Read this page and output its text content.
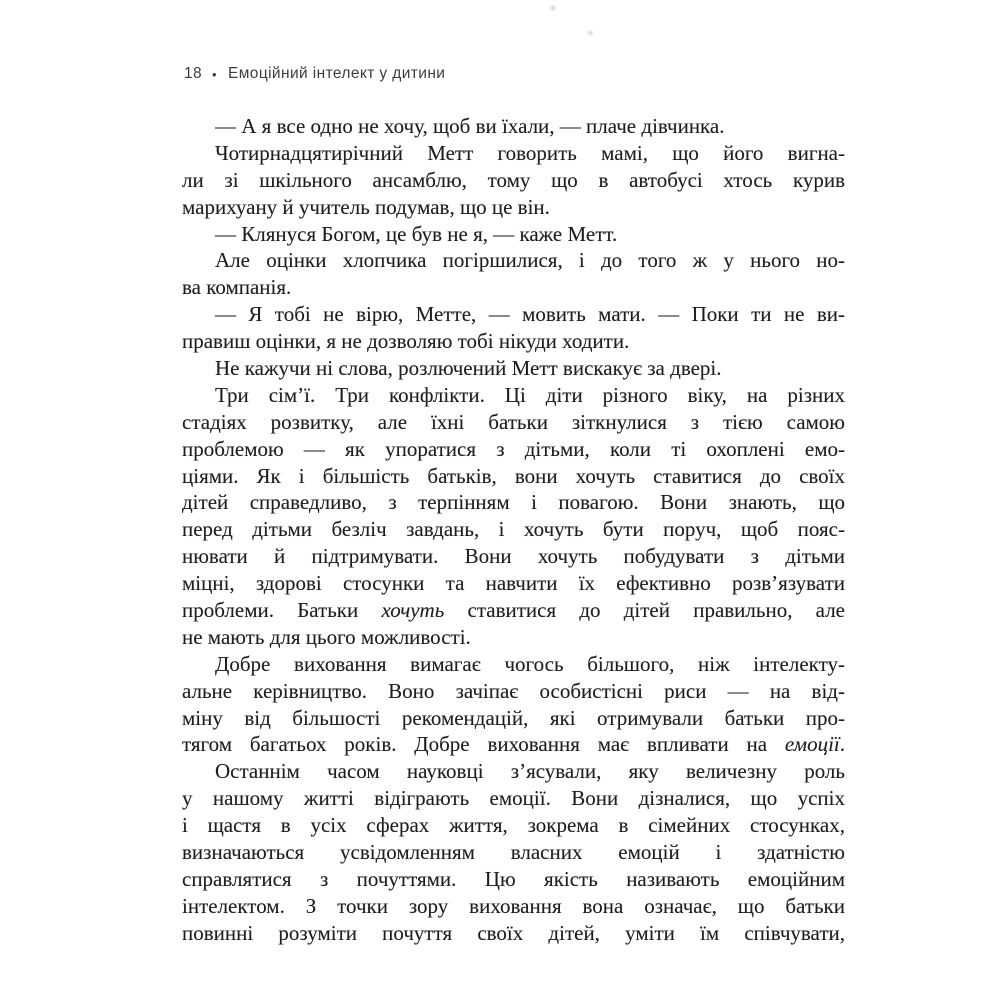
18 • Емоційний інтелект у дитини
— А я все одно не хочу, щоб ви їхали, — плаче дівчинка.
Чотирнадцятирічний Метт говорить мамі, що його вигна-
ли зі шкільного ансамблю, тому що в автобусі хтось курив
марихуану й учитель подумав, що це він.
— Клянуся Богом, це був не я, — каже Метт.
Але оцінки хлопчика погіршилися, і до того ж у нього но-
ва компанія.
— Я тобі не вірю, Метте, — мовить мати. — Поки ти не ви-
правиш оцінки, я не дозволяю тобі нікуди ходити.
Не кажучи ні слова, розлючений Метт вискакує за двері.
Три сім’ї. Три конфлікти. Ці діти різного віку, на різних
стадіях розвитку, але їхні батьки зіткнулися з тією самою
проблемою — як упоратися з дітьми, коли ті охоплені емо-
ціями. Як і більшість батьків, вони хочуть ставитися до своїх
дітей справедливо, з терпінням і повагою. Вони знають, що
перед дітьми безліч завдань, і хочуть бути поруч, щоб пояс-
нювати й підтримувати. Вони хочуть побудувати з дітьми
міцні, здорові стосунки та навчити їх ефективно розв’язувати
проблеми. Батьки хочуть ставитися до дітей правильно, але
не мають для цього можливості.
Добре виховання вимагає чогось більшого, ніж інтелекту-
альне керівництво. Воно зачіпає особистісні риси — на від-
міну від більшості рекомендацій, які отримували батьки про-
тягом багатьох років. Добре виховання має впливати на емоції.
Останнім часом науковці з’ясували, яку величезну роль
у нашому житті відіграють емоції. Вони дізналися, що успіх
і щастя в усіх сферах життя, зокрема в сімейних стосунках,
визначаються усвідомленням власних емоцій і здатністю
справлятися з почуттями. Цю якість називають емоційним
інтелектом. З точки зору виховання вона означає, що батьки
повинні розуміти почуття своїх дітей, уміти їм співчувати,
